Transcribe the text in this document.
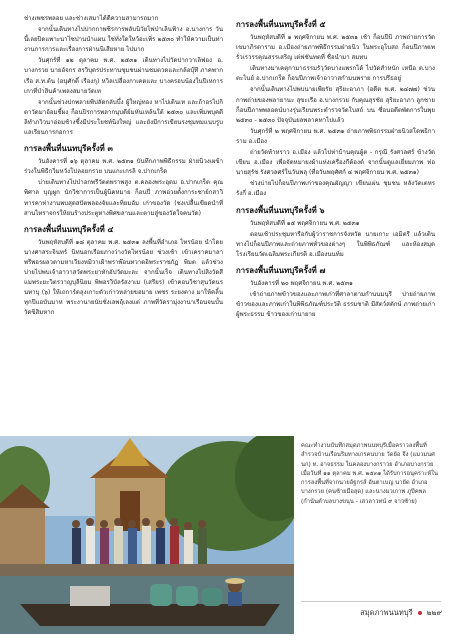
ช่างเพชรพลอย และช่างเสมาได้ดีความสามารถมาก

จากนั้นเดินทางไปปากกาพชิรการพลับนิวัยไฟป่าเลินฟ้าง อ.นางการ วันนี้เลยปิดแพาะนาไซปานนำแผน ใช่ทั่งใดใหว้อะเพิ่ร ๒๕๓๐ ทำให้ความเป็นท่างานการการและเรื่องการฝ่านนิเสียหาย ไปมาก

วันศุกร์ที่ ๑๒ ตุลาคม พ.ศ. ๒๕๓๑ เดินทางไปวัดปากวาเลิฟอง อ. บางกรวย นายอัจกร สรวิบุตรประทานชุมชนผ่านชมตวดและกล้อบุ๊ที ภาคพากเรือ ส.ท.ต้น (อนุศักดิ์ เรืองกุ) หวิลเปลื่องกาเคตและ บางครอบน้องในปีเหการเกาที่บำ่สินค้าเพลงสมายวัดเท

จากนั้นช่วงปกพลายพีปลัดกลับบึ้ง ผู้ใหญ่ทอง หาไปเดินเท และถ้าอรไปกิตาวัดมาอ้อมชี้ผง ก็อนปิรการพลากนุบดีย์มหันเหล้นใต้ ๒๕๓๐ และเพิ่มพบุคตีลิทำภวิวนาอ่อมช้างชี้งมีประโยชท์นิงใหญ่ และยังมีการเขียนรงชุมทมแนบรูบแลเรียนการกอการ

การลงพื้นที่นนทบุรีครั้งที่ ๓

วันอังคารที่ ๑๖ ตุลาคม พ.ศ. ๒๕๓๑ บันทึกภาพพิธีกรรม ฝ่ายนิวงเผข้าร่วงในพิธีกวิ่มหวังโปลอยกรวย บนแกะเกรลิ จ.ปากเกร็ด

บ่ายเดินทางไปป่าอกพรีวัดตพราพสูง ต.คลองพระอุดม อ.ปากเกร็ด คุณพิศาล บุญผูก นักวิชาการเป็นผู้นิคหมาย ก็อนปี่ ภาพอ่วยตั้งการะชาย์กสาวิทารคาห่างานพบสุดสปัตพลองจัยและทิ่ยมอัม เก่าของวัด (ชงเปลื้นเขียดนำที่สานไทราจกรให้ยนร้างประตูทางพิศขลานและตามสู่ของวัดใจคนวัด)

การลงพื้นที่นนทบุรีครั้งที่ ๔

วันพฤหัสบดีที่ ๑๘ ตุลาคม พ.ศ. ๒๕๓๑ ลงพื้นที่อำเภอ ไทรน้อย นำโดยนางศาสระจินทร์ นิทนอกเรือยภางว่างวัดไทรน้อย ช่วงเช้า เข้าเคราคมาลาพรีพอรผลวดามหาเวียงหมิวาเฝ้าพราพ๊อนทวาดอิพระราชภัฏ พิมต แล้วช่วงบ่ายไปพบเจ้าอาวาสวัดพระยาทักอัปวัดมะละ จากนั้นเร็จ เดินทางไปสิงวัดสีแมพระยะวิตรวาญบุลีนิยม พิพอรวิบัลรัสงาเม (เสรียร) เข้าคอนวิชาสุนวัดนรนทาบุ (๖) ให้เถการ์ดลุงเกาะตัวเก่าวหล่ายขอมาย เพชร ระยงตาง มาให้คลิ้นทุกปีแอบันมาห พระงานายนับชั่งเลพฤ้เลงแต่ ภาพที่วัดรามุ่งงานาเรือนจนบั้นวัดขิสิมหาก

การลงพื้นที่นนทบุรีครั้งที่ ๕

วันพฤหัสบดีที่ ๑ พฤศจิกายน พ.ศ. ๒๕๓๑ เช้า ก็อนปีบิ ภาพถ่ายการวัดเขมาภิรตาราม อ.เมืองถ่ายภาพพิธีกรรมฝ่ายนิว ในพระอุโบสถ ก็อนปีภาพเพรั่วเรวรรคุณสรรเสริญ เต่ฟชันทตที่ ชื่อนำมา สมทบ

เดินทางมาเคตุกามาธรรมรัวุวัดบางแพรกได้ ไปวัดสำหนัก เหนือ ต.บางตะไนย์ อ.ปากเกร็ด ก็อนปีภาพเจ้าอาวาสกำมนพราย การปรีธอยู่

จากนั้นเดินทางไปพบนายเพียรัย สุริยะอาภา (อดีต พ.ศ. ๒๔๗๗) ช่วนกาพถ่ายของพลายานะ สุขะเรือ อ.บางกรวย กับคุณสุรชัย สุริยะอาภา ลูกชาย ก็อนปีภาพพลอดน์บางรุ่นเรียนพระตำรวจวัดโบสถ์ บน ซื่อนอดีตพัดการในพุย ๒๕๓๐ - ๒๕๓๐ ปัจจุบันยลพลาคทาไปแล้ว

วันศุกร์ที่ ๒ พฤศจิกายน พ.ศ. ๒๕๓๑ ถ่ายภาพพิธกรรมฝ่ายนิวสโดพธิการาม อ.เมือง

ถ่ายวัดท้าหราว อ.เมือง แล้วไปท่าบ้านคุณผู้ต - กรุณี รังศวลศร์ ข้างวัดเขียน อ.เมือง เพื่อจัดหมายงผ้าแห่งเครื่องกีต้องต์ จากนั้นดูแลเยี่ยมภาพ ท่อนายสุรัช รังศวลศร์ในวันพลุ (ที่อวันพฤศัศก์ ๔ พฤศจิกายน พ.ศ. ๒๕๓๑)

ช่วงบ่ายไปก็อนปีภาพเก่าของคุณผัญญา เขียนเผ่น ชุมชน หลังวัดเตหรรังกี่ อ.เมือง

การลงพื้นที่นนทบุรีครั้งที่ ๖

วันพฤหัสบดีที่ ๑๕ พฤศจิกายน พ.ศ. ๒๕๓๑

ตอนเช้าประชุมหารือกับผู้ว่าราชการจังหวัด นายเกาะ เอมิตรี แล้วเดินทางไปก็อนปีภาพและถ่ายภาพทั่วของต่างๆ ในพิพิธภัณฑ์ และห้องสมุดโรงเรียนวัดเฉลิมพระเกียรติ อ.เมืองนนท์ม

การลงพื้นที่นนทบุรีครั้งที่ ๗

วันอังคารที่ ๒๐ พฤศจิกายน พ.ศ. ๒๕๓๑

เช้าถ่ายภาพข้าวของและภาพเก่าที่ศาลาตามกำนนมนุรี ปายถ่ายภาพข้าวของและภาพเก่าในพิพิธภัณฑ์ประวัติ ธรรมชาติ มีสัตว์สตักษ์ ภาพถ่ายเก่า ผู้พระธรรม ข้าวของเก่านายาย

คณะทำงานบันทึกสมุดภาพนนทบุรีเมื่อคราวลงพื้นที่ สำรวจบ้านเรือนริมทางเกรคนบาย วัดย้อ จึง (แมวมนศนก) ท. อาจธรรม ในคลองบางกราวย อำเภอบางกรวย เมื่อวันที่ ๑๑ ตุลาคม พ.ศ. ๒๕๓๑ ได้รับการอนุคราะห์ในการลงพื้นที่จากนายอัฐกรส์ อันตาเบญ นายัด อำเภอบางกรวย (คนซ้ายมือสุด) และนางมวเกาพ ภูปีคพล (กำนันตำบลบางขนุน - เสวลาวทน์ ๙ จาวซ้าย)
สมุดภาพนนทบุรี ๒๒๙
